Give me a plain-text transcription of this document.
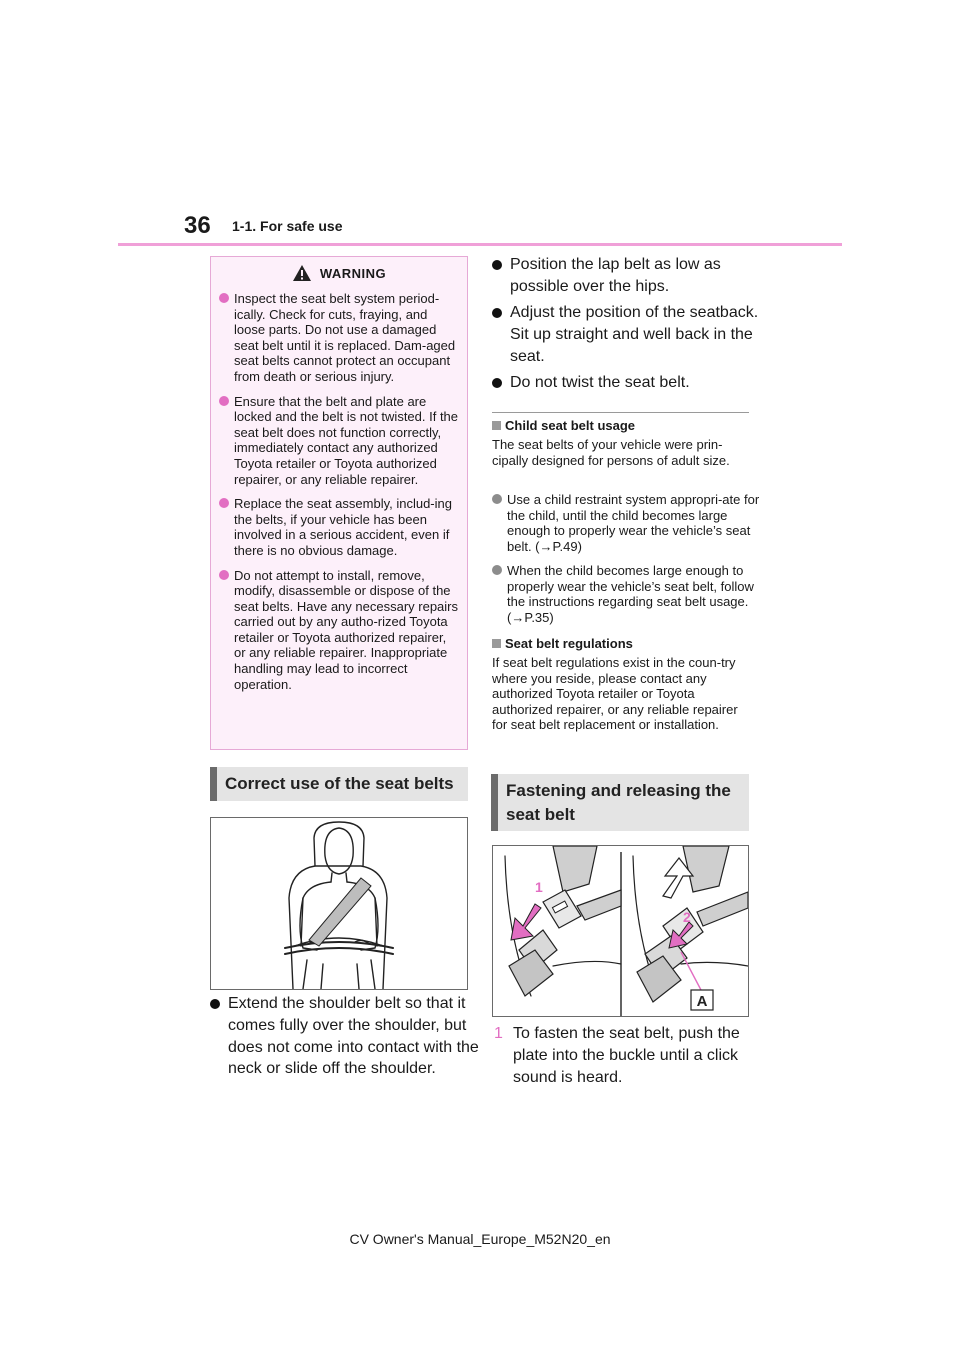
36 1-1. For safe use
WARNING
Inspect the seat belt system period-ically. Check for cuts, fraying, and loose parts. Do not use a damaged seat belt until it is replaced. Dam-aged seat belts cannot protect an occupant from death or serious injury.
Ensure that the belt and plate are locked and the belt is not twisted. If the seat belt does not function correctly, immediately contact any authorized Toyota retailer or Toyota authorized repairer, or any reliable repairer.
Replace the seat assembly, includ-ing the belts, if your vehicle has been involved in a serious accident, even if there is no obvious damage.
Do not attempt to install, remove, modify, disassemble or dispose of the seat belts. Have any necessary repairs carried out by any autho-rized Toyota retailer or Toyota authorized repairer, or any reliable repairer. Inappropriate handling may lead to incorrect operation.
Correct use of the seat belts
Extend the shoulder belt so that it comes fully over the shoulder, but does not come into contact with the neck or slide off the shoulder.
Position the lap belt as low as possible over the hips.
Adjust the position of the seatback. Sit up straight and well back in the seat.
Do not twist the seat belt.
Child seat belt usage
The seat belts of your vehicle were prin-cipally designed for persons of adult size.
Use a child restraint system appropri-ate for the child, until the child becomes large enough to properly wear the vehicle’s seat belt. (→P.49)
When the child becomes large enough to properly wear the vehicle’s seat belt, follow the instructions regarding seat belt usage. (→P.35)
Seat belt regulations
If seat belt regulations exist in the coun-try where you reside, please contact any authorized Toyota retailer or Toyota authorized repairer, or any reliable repairer for seat belt replacement or installation.
Fastening and releasing the
seat belt
A
1
2
1 To fasten the seat belt, push the plate into the buckle until a click sound is heard.
CV Owner's Manual_Europe_M52N20_en
